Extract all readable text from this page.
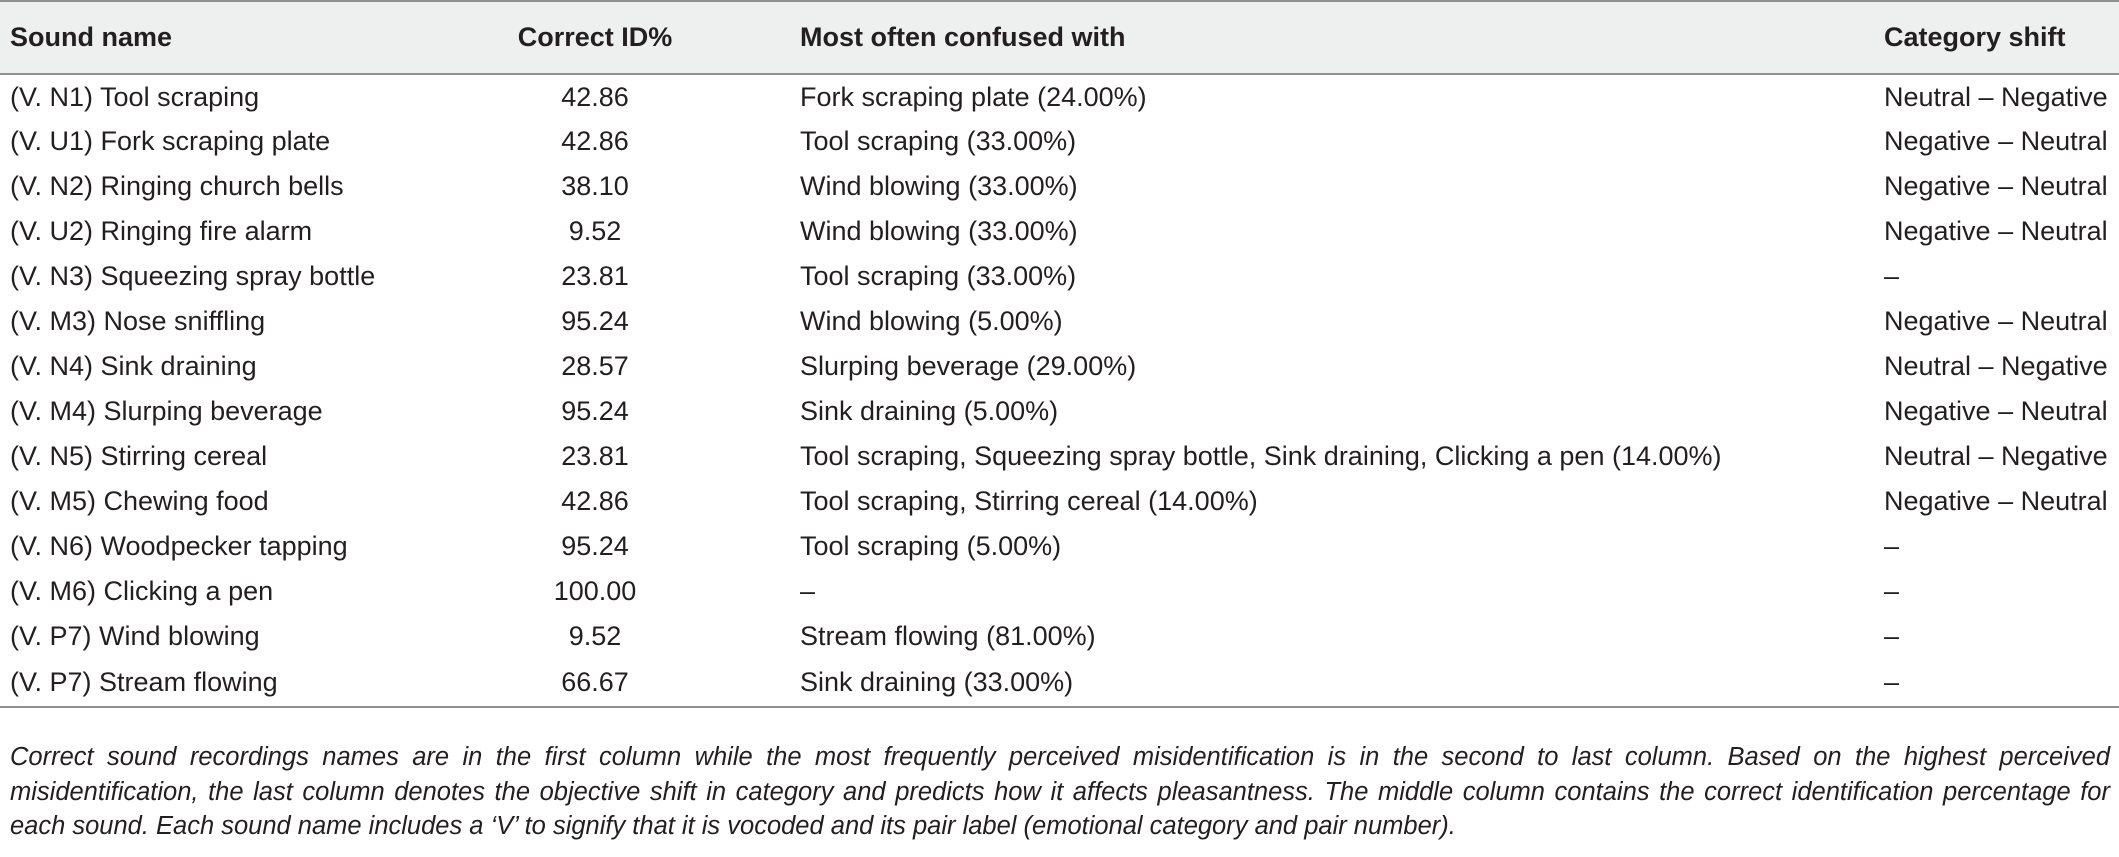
Sound name	Correct ID%	Most often confused with	Category shift
(V. N1) Tool scraping	42.86	Fork scraping plate (24.00%)	Neutral – Negative
(V. U1) Fork scraping plate	42.86	Tool scraping (33.00%)	Negative – Neutral
(V. N2) Ringing church bells	38.10	Wind blowing (33.00%)	Negative – Neutral
(V. U2) Ringing fire alarm	9.52	Wind blowing (33.00%)	Negative – Neutral
(V. N3) Squeezing spray bottle	23.81	Tool scraping (33.00%)	–
(V. M3) Nose sniffling	95.24	Wind blowing (5.00%)	Negative – Neutral
(V. N4) Sink draining	28.57	Slurping beverage (29.00%)	Neutral – Negative
(V. M4) Slurping beverage	95.24	Sink draining (5.00%)	Negative – Neutral
(V. N5) Stirring cereal	23.81	Tool scraping, Squeezing spray bottle, Sink draining, Clicking a pen (14.00%)	Neutral – Negative
(V. M5) Chewing food	42.86	Tool scraping, Stirring cereal (14.00%)	Negative – Neutral
(V. N6) Woodpecker tapping	95.24	Tool scraping (5.00%)	–
(V. M6) Clicking a pen	100.00	–	–
(V. P7) Wind blowing	9.52	Stream flowing (81.00%)	–
(V. P7) Stream flowing	66.67	Sink draining (33.00%)	–
Correct sound recordings names are in the first column while the most frequently perceived misidentification is in the second to last column. Based on the highest perceived misidentification, the last column denotes the objective shift in category and predicts how it affects pleasantness. The middle column contains the correct identification percentage for each sound. Each sound name includes a ‘V’ to signify that it is vocoded and its pair label (emotional category and pair number).
